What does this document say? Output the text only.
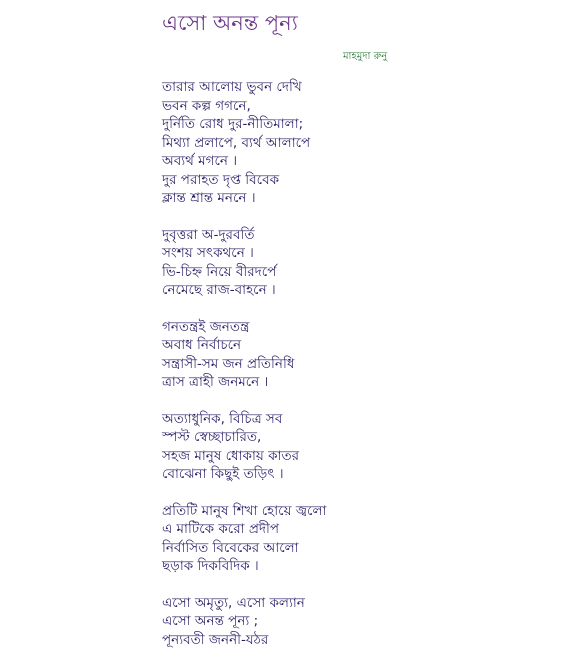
এসো অনন্ত পূন্য
মাহমুদা রুনু
তারার আলোয় ভুবন দেখি
ভবন কল্প গগনে,
দুর্নিতি রোধ দুর-নীতিমালা;
মিথ্যা প্রলাপে, ব্যর্থ আলাপে
অব্যর্থ মগনে ।
দুর পরাহত দৃপ্ত বিবেক
ক্লান্ত শ্রান্ত মননে ।
দুবৃত্তরা অ-দুরবর্তি
সংশয় সৎকথনে ।
ভি-চিহ্ন নিয়ে বীরদর্পে
নেমেছে রাজ-বাহনে ।
গনতন্ত্রই জনতন্ত্র
অবাধ নির্বাচনে
সন্ত্রাসী-সম জন প্রতিনিধি
ত্রাস ত্রাহী জনমনে ।
অত্যাধুনিক, বিচিত্র সব
স্পস্ট স্বেচ্ছাচারিত,
সহজ মানুষ ধোকায় কাতর
বোঝেনা কিছুই তড়িৎ ।
প্রতিটি মানুষ শিখা হোয়ে জ্বলো
এ মাটিকে করো প্রদীপ
নির্বাসিত বিবেকের আলো
ছড়াক দিকবিদিক ।
এসো অমৃত্যু, এসো কল্যান
এসো অনন্ত পূন্য ;
পূন্যবতী জননী-যঠর
